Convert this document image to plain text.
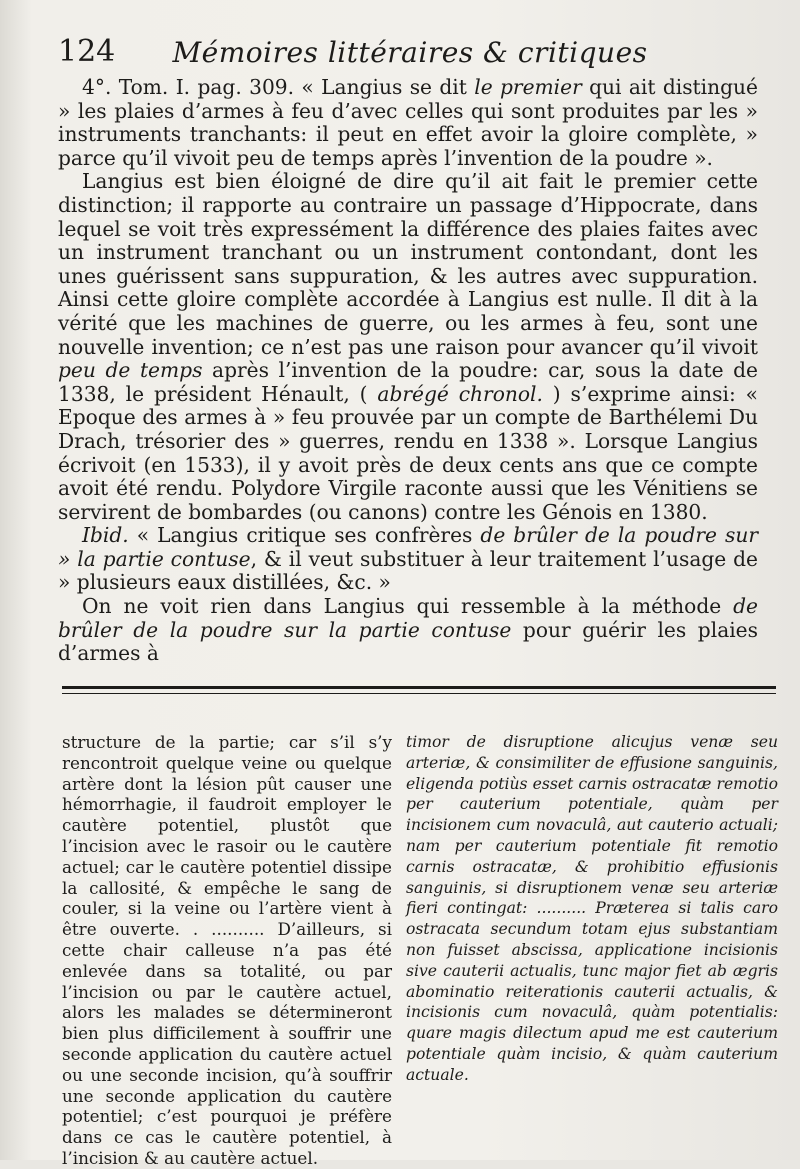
124	Mémoires littéraires & critiques

4°. Tom. I. pag. 309. « Langius se dit le premier qui ait distingué » les plaies d’armes à feu d’avec celles qui sont produites par les » instruments tranchants: il peut en effet avoir la gloire complète, » parce qu’il vivoit peu de temps après l’invention de la poudre ».

Langius est bien éloigné de dire qu’il ait fait le premier cette distinction; il rapporte au contraire un passage d’Hippocrate, dans lequel se voit très expressément la différence des plaies faites avec un instrument tranchant ou un instrument contondant, dont les unes guérissent sans suppuration, & les autres avec suppuration. Ainsi cette gloire complète accordée à Langius est nulle. Il dit à la vérité que les machines de guerre, ou les armes à feu, sont une nouvelle invention; ce n’est pas une raison pour avancer qu’il vivoit peu de temps après l’invention de la poudre: car, sous la date de 1338, le président Hénault, ( abrégé chronol. ) s’exprime ainsi: « Epoque des armes à » feu prouvée par un compte de Barthélemi Du Drach, trésorier des » guerres, rendu en 1338 ». Lorsque Langius écrivoit (en 1533), il y avoit près de deux cents ans que ce compte avoit été rendu. Polydore Virgile raconte aussi que les Vénitiens se servirent de bombardes (ou canons) contre les Génois en 1380.

Ibid. « Langius critique ses confrères de brûler de la poudre sur » la partie contuse, & il veut substituer à leur traitement l’usage de » plusieurs eaux distillées, &c. »

On ne voit rien dans Langius qui ressemble à la méthode de brûler de la poudre sur la partie contuse pour guérir les plaies d’armes à

structure de la partie; car s’il s’y rencontroit quelque veine ou quelque artère dont la lésion pût causer une hémorrhagie, il faudroit employer le cautère potentiel, plustôt que l’incision avec le rasoir ou le cautère actuel; car le cautère potentiel dissipe la callosité, & empêche le sang de couler, si la veine ou l’artère vient à être ouverte. . .......... D’ailleurs, si cette chair calleuse n’a pas été enlevée dans sa totalité, ou par l’incision ou par le cautère actuel, alors les malades se détermineront bien plus difficilement à souffrir une seconde application du cautère actuel ou une seconde incision, qu’à souffrir une seconde application du cautère potentiel; c’est pourquoi je préfère dans ce cas le cautère potentiel, à l’incision & au cautère actuel.

timor de disruptione alicujus venæ seu arteriæ, & consimiliter de effusione sanguinis, eligenda potiùs esset carnis ostracatæ remotio per cauterium potentiale, quàm per incisionem cum novaculâ, aut cauterio actuali; nam per cauterium potentiale fit remotio carnis ostracatæ, & prohibitio effusionis sanguinis, si disruptionem venæ seu arteriæ fieri contingat: .......... Præterea si talis caro ostracata secundum totam ejus substantiam non fuisset abscissa, applicatione incisionis sive cauterii actualis, tunc major fiet ab ægris abominatio reiterationis cauterii actualis, & incisionis cum novaculâ, quàm potentialis: quare magis dilectum apud me est cauterium potentiale quàm incisio, & quàm cauterium actuale.
